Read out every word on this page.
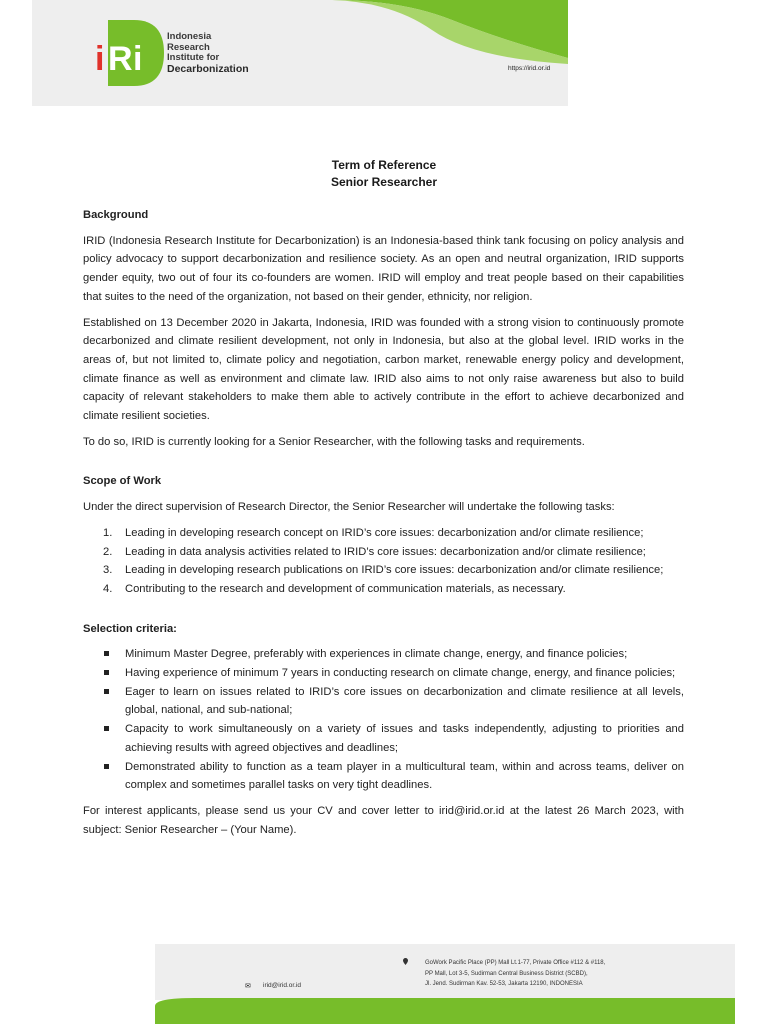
i R i
Indonesia
Research
Institute for
Decarbonization	https://irid.or.id
Term of Reference
Senior Researcher
Background
IRID (Indonesia Research Institute for Decarbonization) is an Indonesia-based think tank focusing on policy analysis and policy advocacy to support decarbonization and resilience society. As an open and neutral organization, IRID supports gender equity, two out of four its co-founders are women. IRID will employ and treat people based on their capabilities that suites to the need of the organization, not based on their gender, ethnicity, nor religion.
Established on 13 December 2020 in Jakarta, Indonesia, IRID was founded with a strong vision to continuously promote decarbonized and climate resilient development, not only in Indonesia, but also at the global level. IRID works in the areas of, but not limited to, climate policy and negotiation, carbon market, renewable energy policy and development, climate finance as well as environment and climate law. IRID also aims to not only raise awareness but also to build capacity of relevant stakeholders to make them able to actively contribute in the effort to achieve decarbonized and climate resilient societies.
To do so, IRID is currently looking for a Senior Researcher, with the following tasks and requirements.
Scope of Work
Under the direct supervision of Research Director, the Senior Researcher will undertake the following tasks:
1. Leading in developing research concept on IRID’s core issues: decarbonization and/or climate resilience;
2. Leading in data analysis activities related to IRID’s core issues: decarbonization and/or climate resilience;
3. Leading in developing research publications on IRID’s core issues: decarbonization and/or climate resilience;
4. Contributing to the research and development of communication materials, as necessary.
Selection criteria:
Minimum Master Degree, preferably with experiences in climate change, energy, and finance policies;
Having experience of minimum 7 years in conducting research on climate change, energy, and finance policies;
Eager to learn on issues related to IRID’s core issues on decarbonization and climate resilience at all levels, global, national, and sub-national;
Capacity to work simultaneously on a variety of issues and tasks independently, adjusting to priorities and achieving results with agreed objectives and deadlines;
Demonstrated ability to function as a team player in a multicultural team, within and across teams, deliver on complex and sometimes parallel tasks on very tight deadlines.
For interest applicants, please send us your CV and cover letter to irid@irid.or.id at the latest 26 March 2023, with subject: Senior Researcher – (Your Name).
✉ irid@irid.or.id
GoWork Pacific Place (PP) Mall Lt.1-77, Private Office #112 & #118,
PP Mall, Lot 3-5, Sudirman Central Business District (SCBD),
Jl. Jend. Sudirman Kav. 52-53, Jakarta 12190, INDONESIA
